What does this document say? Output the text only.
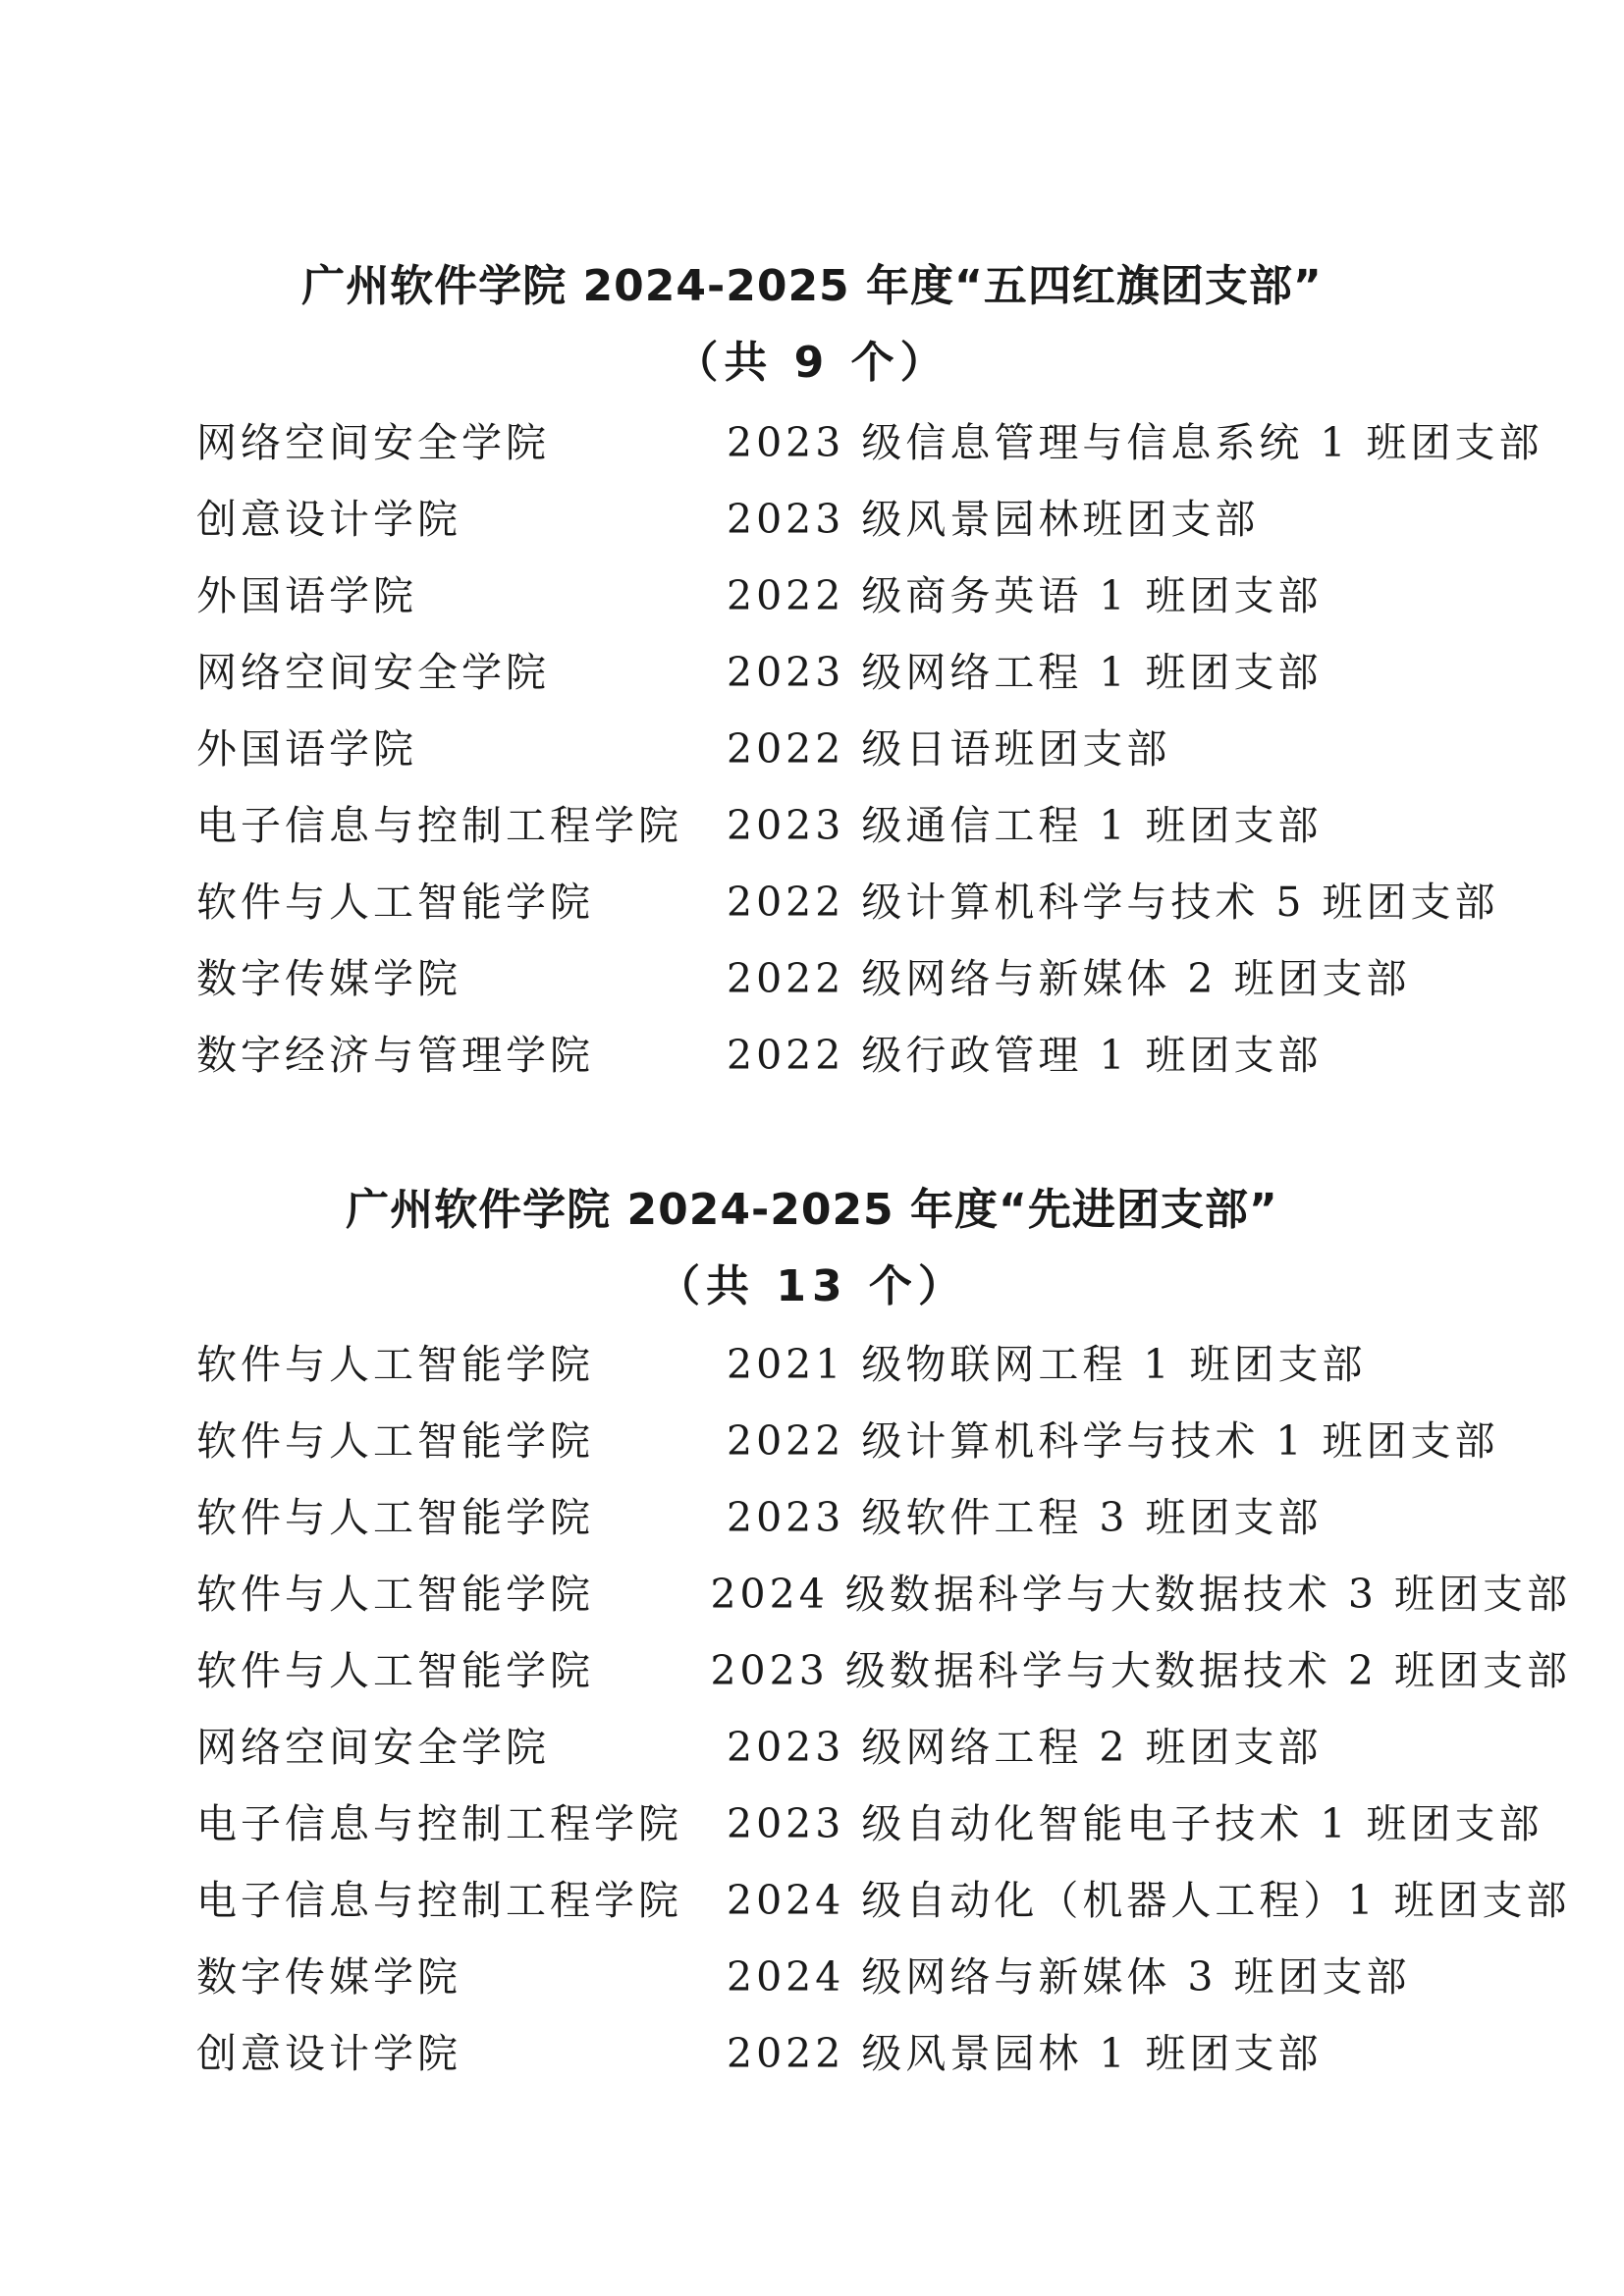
广州软件学院 2024-2025 年度“五四红旗团支部”
（共 9 个）
网络空间安全学院	2023 级信息管理与信息系统 1 班团支部
创意设计学院	2023 级风景园林班团支部
外国语学院	2022 级商务英语 1 班团支部
网络空间安全学院	2023 级网络工程 1 班团支部
外国语学院	2022 级日语班团支部
电子信息与控制工程学院	2023 级通信工程 1 班团支部
软件与人工智能学院	2022 级计算机科学与技术 5 班团支部
数字传媒学院	2022 级网络与新媒体 2 班团支部
数字经济与管理学院	2022 级行政管理 1 班团支部
广州软件学院 2024-2025 年度“先进团支部”
（共 13 个）
软件与人工智能学院	2021 级物联网工程 1 班团支部
软件与人工智能学院	2022 级计算机科学与技术 1 班团支部
软件与人工智能学院	2023 级软件工程 3 班团支部
软件与人工智能学院	2024 级数据科学与大数据技术 3 班团支部
软件与人工智能学院	2023 级数据科学与大数据技术 2 班团支部
网络空间安全学院	2023 级网络工程 2 班团支部
电子信息与控制工程学院	2023 级自动化智能电子技术 1 班团支部
电子信息与控制工程学院	2024 级自动化（机器人工程）1 班团支部
数字传媒学院	2024 级网络与新媒体 3 班团支部
创意设计学院	2022 级风景园林 1 班团支部
